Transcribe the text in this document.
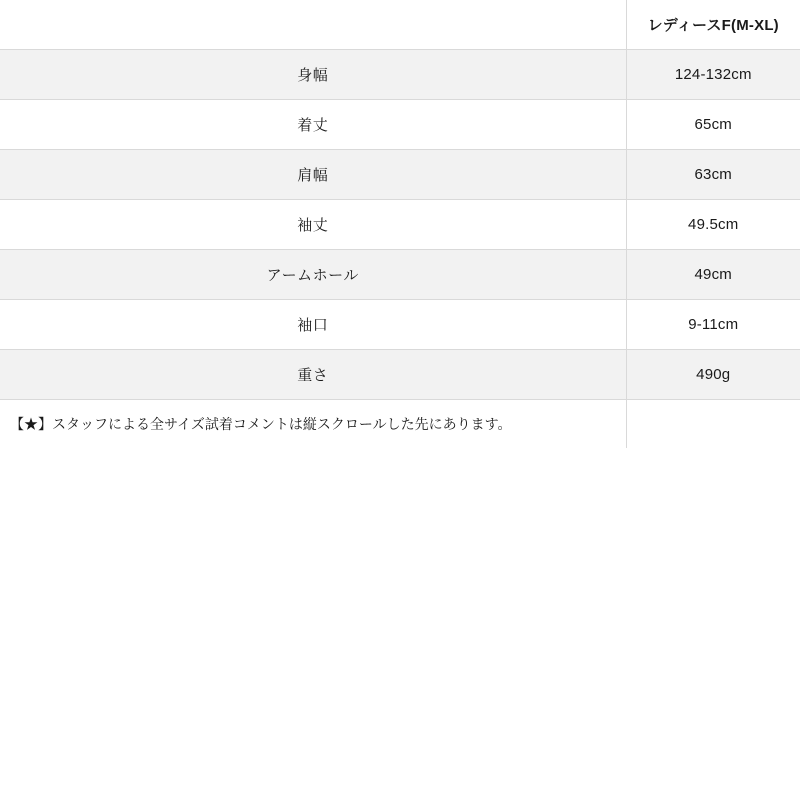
	レディースF(M-XL)
身幅	124-132cm
着丈	65cm
肩幅	63cm
袖丈	49.5cm
アームホール	49cm
袖口	9-11cm
重さ	490g
【★】スタッフによる全サイズ試着コメントは縦スクロールした先にあります。	
